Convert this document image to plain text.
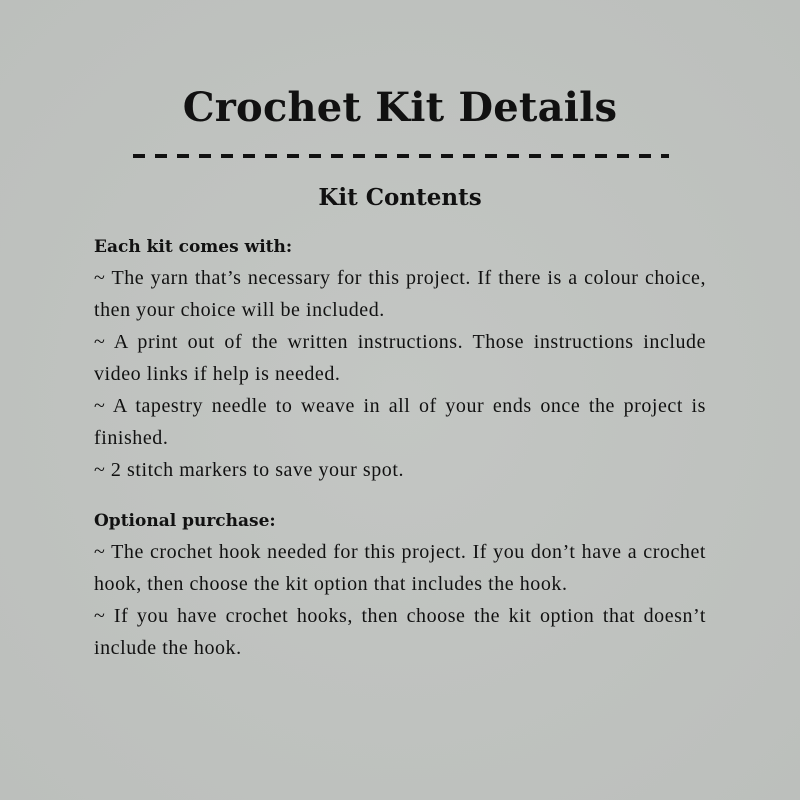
Crochet Kit Details
Kit Contents

Each kit comes with:

~ The yarn that’s necessary for this project. If there is a colour choice, then your choice will be included.

~ A print out of the written instructions. Those instructions include video links if help is needed.

~ A tapestry needle to weave in all of your ends once the project is finished.

~ 2 stitch markers to save your spot.

Optional purchase:

~ The crochet hook needed for this project. If you don’t have a crochet hook, then choose the kit option that includes the hook.

~ If you have crochet hooks, then choose the kit option that doesn’t include the hook.
